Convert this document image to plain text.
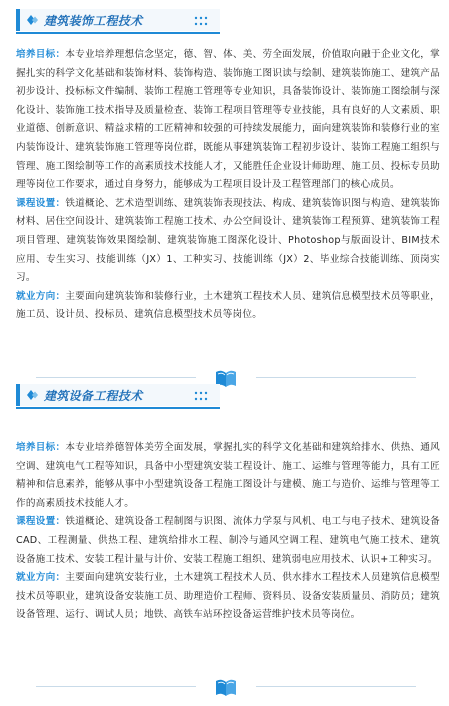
建筑装饰工程技术

培养目标：本专业培养理想信念坚定，德、智、体、美、劳全面发展，价值取向融于企业文化，掌握扎实的科学文化基础和装饰材料、装饰构造、装饰施工图识读与绘制、建筑装饰施工、建筑产品初步设计、投标标文件编制、装饰工程施工管理等专业知识，具备装饰设计、装饰施工图绘制与深化设计、装饰施工技术指导及质量检查、装饰工程项目管理等专业技能，具有良好的人文素质、职业道德、创新意识、精益求精的工匠精神和较强的可持续发展能力，面向建筑装饰和装修行业的室内装饰设计、建筑装饰施工管理等岗位群，既能从事建筑装饰工程初步设计、装饰工程施工组织与管理、施工图绘制等工作的高素质技术技能人才，又能胜任企业设计师助理、施工员、投标专员助理等岗位工作要求，通过自身努力，能够成为工程项目设计及工程管理部门的核心成员。

课程设置：铁道概论、艺术造型训练、建筑装饰表现技法、构成、建筑装饰识图与构造、建筑装饰材料、居住空间设计、建筑装饰工程施工技术、办公空间设计、建筑装饰工程预算、建筑装饰工程项目管理、建筑装饰效果图绘制、建筑装饰施工图深化设计、Photoshop与版面设计、BIM技术应用、专生实习、技能训练（JX）1、工种实习、技能训练（JX）2、毕业综合技能训练、顶岗实习。

就业方向：主要面向建筑装饰和装修行业，土木建筑工程技术人员、建筑信息模型技术员等职业，施工员、设计员、投标员、建筑信息模型技术员等岗位。

建筑设备工程技术

培养目标：本专业培养德智体美劳全面发展，掌握扎实的科学文化基础和建筑给排水、供热、通风空调、建筑电气工程等知识，具备中小型建筑安装工程设计、施工、运维与管理等能力，具有工匠精神和信息素养，能够从事中小型建筑设备工程施工图设计与建模、施工与造价、运维与管理等工作的高素质技术技能人才。

课程设置：铁道概论、建筑设备工程制图与识图、流体力学泵与风机、电工与电子技术、建筑设备CAD、工程测量、供热工程、建筑给排水工程、制冷与通风空调工程、建筑电气施工技术、建筑设备施工技术、安装工程计量与计价、安装工程施工组织、建筑弱电应用技术、认识+工种实习。

就业方向：主要面向建筑安装行业，土木建筑工程技术人员、供水排水工程技术人员建筑信息模型技术员等职业，建筑设备安装施工员、助理造价工程师、资料员、设备安装质量员、消防员；建筑设备管理、运行、调试人员；地铁、高铁车站环控设备运营维护技术员等岗位。
